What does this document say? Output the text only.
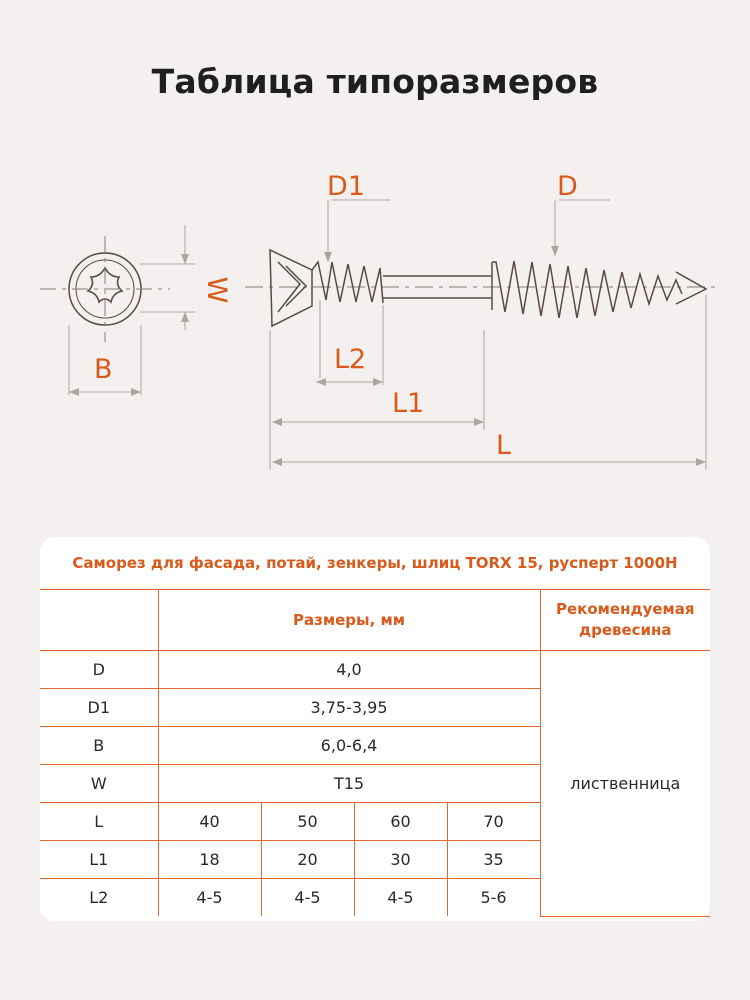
Таблица типоразмеров
D1	D
W
B	L2
L1
L
Саморез для фасада, потай, зенкеры, шлиц TORX 15, русперт 1000H
	Размеры, мм				Рекомендуемая
древесина
D	4,0				лиственница
D1	3,75-3,95				
B	6,0-6,4				
W	T15				
L	40	50	60	70	
L1	18	20	30	35	
L2	4-5	4-5	4-5	5-6	
